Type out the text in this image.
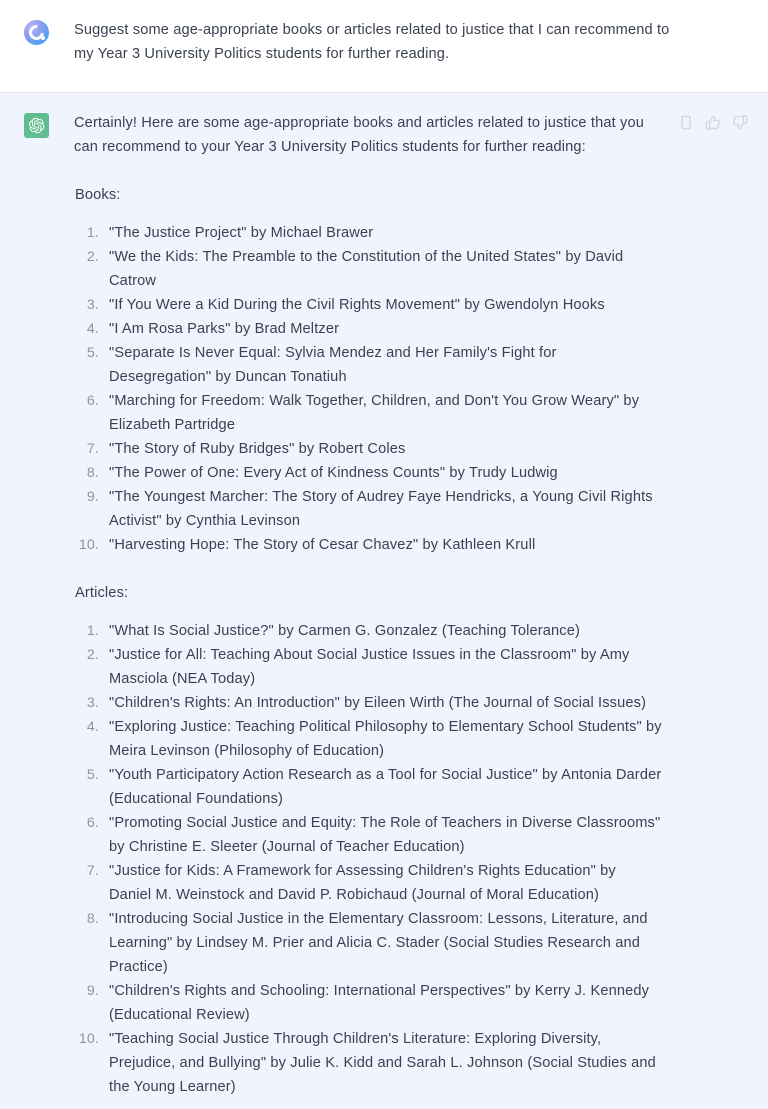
Suggest some age-appropriate books or articles related to justice that I can recommend to my Year 3 University Politics students for further reading.

Certainly! Here are some age-appropriate books and articles related to justice that you can recommend to your Year 3 University Politics students for further reading:

Books:

"The Justice Project" by Michael Brawer
"We the Kids: The Preamble to the Constitution of the United States" by David Catrow
"If You Were a Kid During the Civil Rights Movement" by Gwendolyn Hooks
"I Am Rosa Parks" by Brad Meltzer
"Separate Is Never Equal: Sylvia Mendez and Her Family's Fight for Desegregation" by Duncan Tonatiuh
"Marching for Freedom: Walk Together, Children, and Don't You Grow Weary" by Elizabeth Partridge
"The Story of Ruby Bridges" by Robert Coles
"The Power of One: Every Act of Kindness Counts" by Trudy Ludwig
"The Youngest Marcher: The Story of Audrey Faye Hendricks, a Young Civil Rights Activist" by Cynthia Levinson
"Harvesting Hope: The Story of Cesar Chavez" by Kathleen Krull

Articles:

"What Is Social Justice?" by Carmen G. Gonzalez (Teaching Tolerance)
"Justice for All: Teaching About Social Justice Issues in the Classroom" by Amy Masciola (NEA Today)
"Children's Rights: An Introduction" by Eileen Wirth (The Journal of Social Issues)
"Exploring Justice: Teaching Political Philosophy to Elementary School Students" by Meira Levinson (Philosophy of Education)
"Youth Participatory Action Research as a Tool for Social Justice" by Antonia Darder (Educational Foundations)
"Promoting Social Justice and Equity: The Role of Teachers in Diverse Classrooms" by Christine E. Sleeter (Journal of Teacher Education)
"Justice for Kids: A Framework for Assessing Children's Rights Education" by Daniel M. Weinstock and David P. Robichaud (Journal of Moral Education)
"Introducing Social Justice in the Elementary Classroom: Lessons, Literature, and Learning" by Lindsey M. Prier and Alicia C. Stader (Social Studies Research and Practice)
"Children's Rights and Schooling: International Perspectives" by Kerry J. Kennedy (Educational Review)
"Teaching Social Justice Through Children's Literature: Exploring Diversity, Prejudice, and Bullying" by Julie K. Kidd and Sarah L. Johnson (Social Studies and the Young Learner)
